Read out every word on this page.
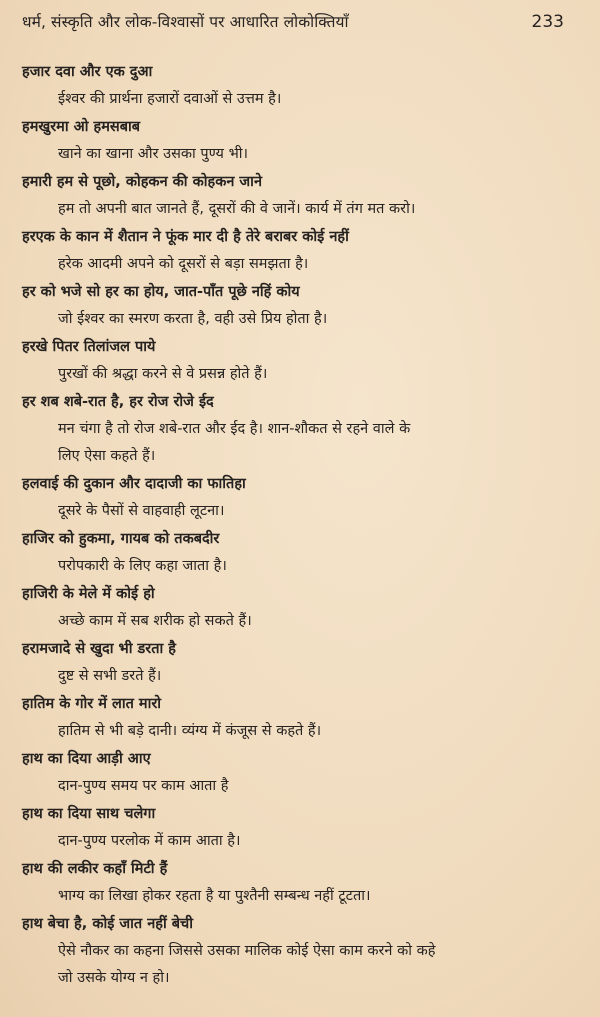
धर्म, संस्कृति और लोक-विश्वासों पर आधारित लोकोक्तियाँ	233
हजार दवा और एक दुआ
ईश्वर की प्रार्थना हजारों दवाओं से उत्तम है।
हमखुरमा ओ हमसबाब
खाने का खाना और उसका पुण्य भी।
हमारी हम से पूछो, कोहकन की कोहकन जाने
हम तो अपनी बात जानते हैं, दूसरों की वे जानें। कार्य में तंग मत करो।
हरएक के कान में शैतान ने फूंक मार दी है तेरे बराबर कोई नहीं
हरेक आदमी अपने को दूसरों से बड़ा समझता है।
हर को भजे सो हर का होय, जात-पाँत पूछे नहिं कोय
जो ईश्वर का स्मरण करता है, वही उसे प्रिय होता है।
हरखे पितर तिलांजल पाये
पुरखों की श्रद्धा करने से वे प्रसन्न होते हैं।
हर शब शबे-रात है, हर रोज रोजे ईद
मन चंगा है तो रोज शबे-रात और ईद है। शान-शौकत से रहने वाले के
लिए ऐसा कहते हैं।
हलवाई की दुकान और दादाजी का फातिहा
दूसरे के पैसों से वाहवाही लूटना।
हाजिर को हुकमा, गायब को तकबदीर
परोपकारी के लिए कहा जाता है।
हाजिरी के मेले में कोई हो
अच्छे काम में सब शरीक हो सकते हैं।
हरामजादे से खुदा भी डरता है
दुष्ट से सभी डरते हैं।
हातिम के गोर में लात मारो
हातिम से भी बड़े दानी। व्यंग्य में कंजूस से कहते हैं।
हाथ का दिया आड़ी आए
दान-पुण्य समय पर काम आता है
हाथ का दिया साथ चलेगा
दान-पुण्य परलोक में काम आता है।
हाथ की लकीर कहाँ मिटी हैं
भाग्य का लिखा होकर रहता है या पुश्तैनी सम्बन्ध नहीं टूटता।
हाथ बेचा है, कोई जात नहीं बेची
ऐसे नौकर का कहना जिससे उसका मालिक कोई ऐसा काम करने को कहे
जो उसके योग्य न हो।
